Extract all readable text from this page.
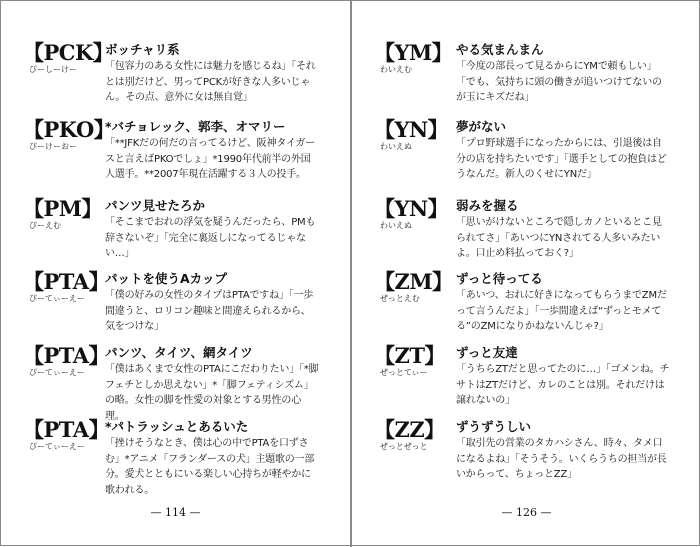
【PCK】
ぴーしーけー
ボッチャリ系
「包容力のある女性には魅力を感じるね」「それとは別だけど、男ってPCKが好きな人多いじゃん。その点、意外に女は無自覚」
【PKO】
ぴーけーおー
*バチョレック、郭李、オマリー
「**JFKだの何だの言ってるけど、阪神タイガースと言えばPKOでしょ」*1990年代前半の外国人選手。**2007年現在活躍する３人の投手。
【PM】
ぴーえむ
パンツ見せたろか
「そこまでおれの浮気を疑うんだったら、PMも辞さないぞ」「完全に裏返しになってるじゃない…」
【PTA】
ぴーてぃーえー
パットを使うAカップ
「僕の好みの女性のタイプはPTAですね」「一歩間違うと、ロリコン趣味と間違えられるから、気をつけな」
【PTA】
ぴーてぃーえー
パンツ、タイツ、網タイツ
「僕はあくまで女性のPTAにこだわりたい」「*脚フェチとしか思えない」*「脚フェティシズム」の略。女性の脚を性愛の対象とする男性の心理。
【PTA】
ぴーてぃーえー
*パトラッシュとあるいた
「挫けそうなとき、僕は心の中でPTAを口ずさむ」*アニメ「フランダースの犬」主題歌の一部分。愛犬とともにいる楽しい心持ちが軽やかに歌われる。
— 114 —
【YM】
わいえむ
やる気まんまん
「今度の部長って見るからにYMで頼もしい」「でも、気持ちに頭の働きが追いつけてないのが玉にキズだね」
【YN】
わいえぬ
夢がない
「プロ野球選手になったからには、引退後は自分の店を持ちたいです」「選手としての抱負はどうなんだ。新人のくせにYNだ」
【YN】
わいえぬ
弱みを握る
「思いがけないところで隠しカノといるとこ見られてさ」「あいつにYNされてる人多いみたいよ。口止め料払っておく?」
【ZM】
ぜっとえむ
ずっと待ってる
「あいつ、おれに好きになってもらうまでZMだって言うんだよ」「一歩間違えば“ずっとモメてる”のZMになりかねないんじゃ?」
【ZT】
ぜっとてぃー
ずっと友達
「うちらZTだと思ってたのに…」「ゴメンね。チサトはZTだけど、カレのことは別。それだけは譲れないの」
【ZZ】
ぜっとぜっと
ずうずうしい
「取引先の営業のタカハシさん、時々、タメ口になるよね」「そうそう。いくらうちの担当が長いからって、ちょっとZZ」
— 126 —
